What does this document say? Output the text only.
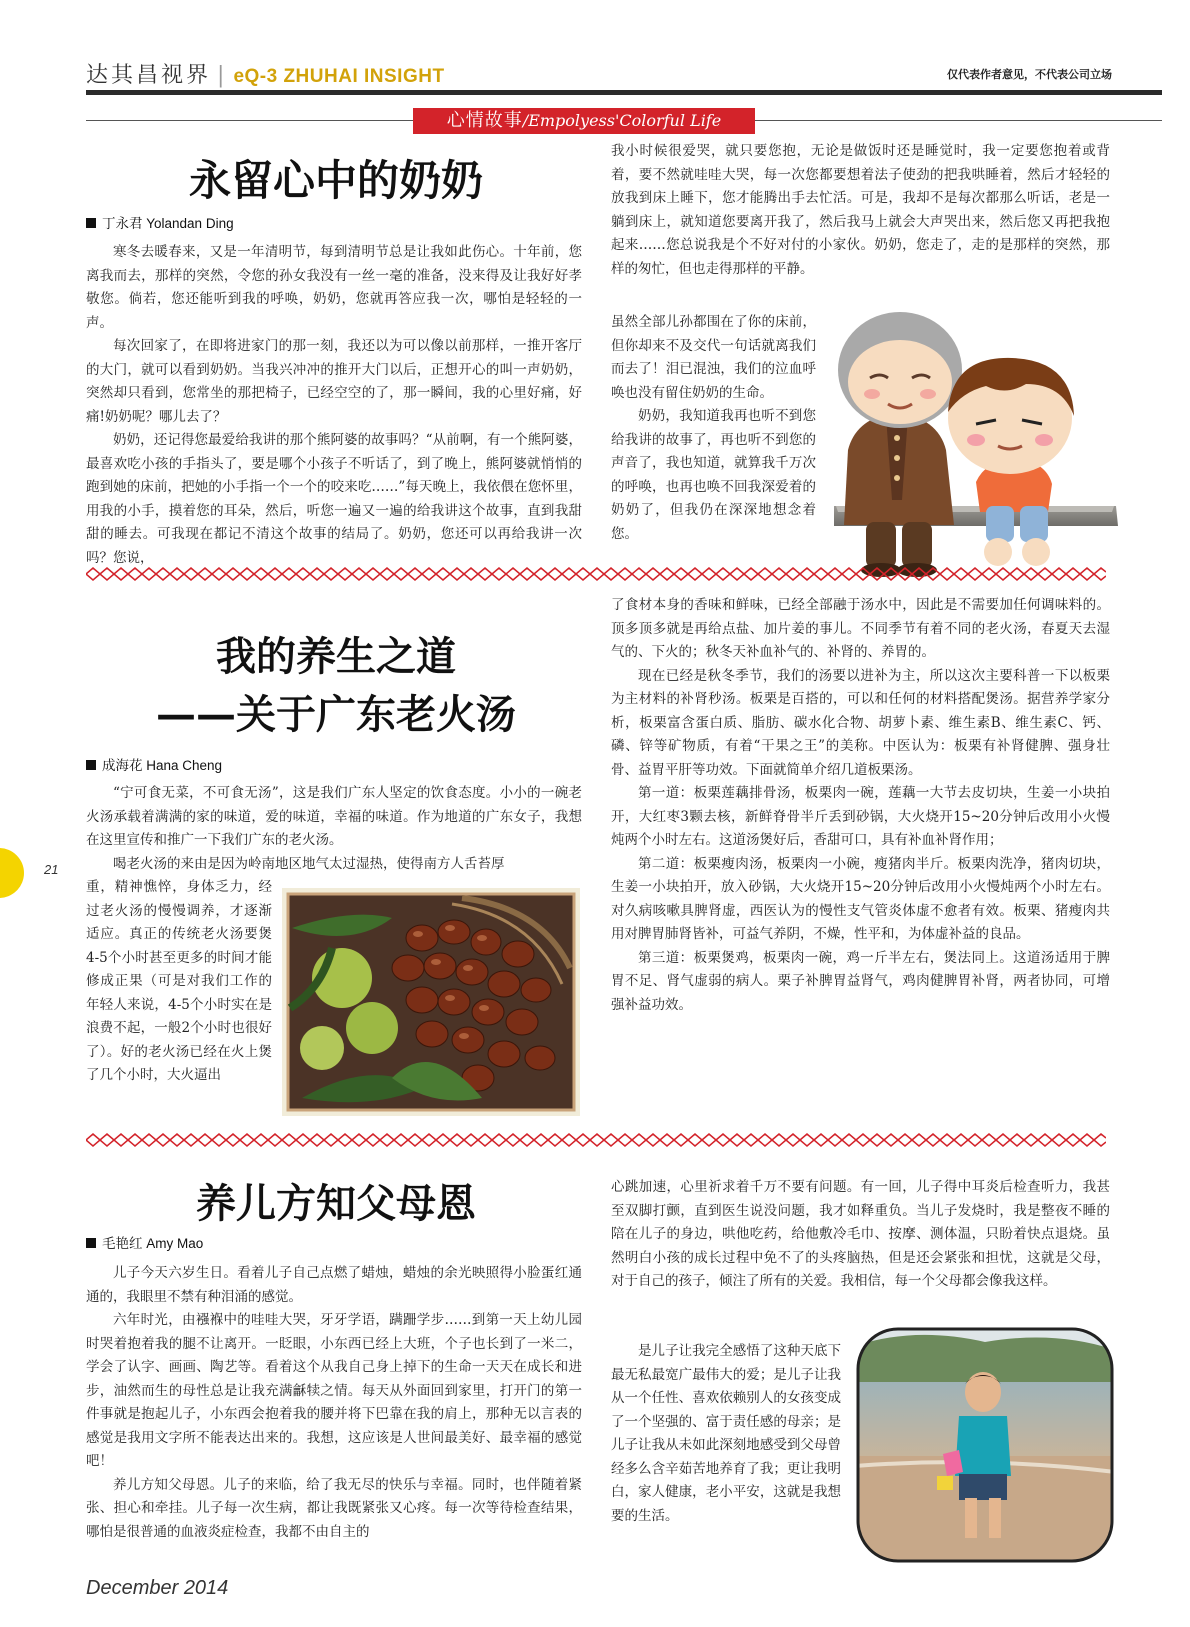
达其昌视界 | eQ-3 ZHUHAI INSIGHT	仅代表作者意见，不代表公司立场
心情故事/Empolyess'Colorful Life
永留心中的奶奶
丁永君 Yolandan Ding

寒冬去暖春来，又是一年清明节，每到清明节总是让我如此伤心。十年前，您离我而去，那样的突然，令您的孙女我没有一丝一毫的准备，没来得及让我好好孝敬您。倘若，您还能听到我的呼唤，奶奶，您就再答应我一次，哪怕是轻轻的一声。

每次回家了，在即将进家门的那一刻，我还以为可以像以前那样，一推开客厅的大门，就可以看到奶奶。当我兴冲冲的推开大门以后，正想开心的叫一声奶奶，突然却只看到，您常坐的那把椅子，已经空空的了，那一瞬间，我的心里好痛，好痛!奶奶呢？哪儿去了？

奶奶，还记得您最爱给我讲的那个熊阿婆的故事吗？“从前啊，有一个熊阿婆，最喜欢吃小孩的手指头了，要是哪个小孩子不听话了，到了晚上，熊阿婆就悄悄的跑到她的床前，把她的小手指一个一个的咬来吃……”每天晚上，我依偎在您怀里，用我的小手，摸着您的耳朵，然后，听您一遍又一遍的给我讲这个故事，直到我甜甜的睡去。可我现在都记不清这个故事的结局了。奶奶，您还可以再给我讲一次吗？您说，

我小时候很爱哭，就只要您抱，无论是做饭时还是睡觉时，我一定要您抱着或背着，要不然就哇哇大哭，每一次您都要想着法子使劲的把我哄睡着，然后才轻轻的放我到床上睡下，您才能腾出手去忙活。可是，我却不是每次都那么听话，老是一躺到床上，就知道您要离开我了，然后我马上就会大声哭出来，然后您又再把我抱起来……您总说我是个不好对付的小家伙。奶奶，您走了，走的是那样的突然，那样的匆忙，但也走得那样的平静。

虽然全部儿孙都围在了你的床前，但你却来不及交代一句话就离我们而去了！泪已混浊，我们的泣血呼唤也没有留住奶奶的生命。

奶奶，我知道我再也听不到您给我讲的故事了，再也听不到您的声音了，我也知道，就算我千万次的呼唤，也再也唤不回我深爱着的奶奶了，但我仍在深深地想念着您。

我的养生之道
——关于广东老火汤
成海花 Hana Cheng

“宁可食无菜，不可食无汤”，这是我们广东人坚定的饮食态度。小小的一碗老火汤承载着满满的家的味道，爱的味道，幸福的味道。作为地道的广东女子，我想在这里宣传和推广一下我们广东的老火汤。

喝老火汤的来由是因为岭南地区地气太过湿热，使得南方人舌苔厚

重，精神憔悴，身体乏力，经过老火汤的慢慢调养，才逐渐适应。真正的传统老火汤要煲4-5个小时甚至更多的时间才能修成正果（可是对我们工作的年轻人来说，4-5个小时实在是浪费不起，一般2个小时也很好了）。好的老火汤已经在火上煲了几个小时，大火逼出

了食材本身的香味和鲜味，已经全部融于汤水中，因此是不需要加任何调味料的。顶多顶多就是再给点盐、加片姜的事儿。不同季节有着不同的老火汤，春夏天去湿气的、下火的；秋冬天补血补气的、补肾的、养胃的。

现在已经是秋冬季节，我们的汤要以进补为主，所以这次主要科普一下以板栗为主材料的补肾秒汤。板栗是百搭的，可以和任何的材料搭配煲汤。据营养学家分析，板栗富含蛋白质、脂肪、碳水化合物、胡萝卜素、维生素B、维生素C、钙、磷、锌等矿物质，有着“干果之王”的美称。中医认为：板栗有补肾健脾、强身壮骨、益胃平肝等功效。下面就简单介绍几道板栗汤。

第一道：板栗莲藕排骨汤，板栗肉一碗，莲藕一大节去皮切块，生姜一小块拍开，大红枣3颗去核，新鲜脊骨半斤丢到砂锅，大火烧开15~20分钟后改用小火慢炖两个小时左右。这道汤煲好后，香甜可口，具有补血补肾作用；

第二道：板栗瘦肉汤，板栗肉一小碗，瘦猪肉半斤。板栗肉洗净，猪肉切块，生姜一小块拍开，放入砂锅，大火烧开15~20分钟后改用小火慢炖两个小时左右。对久病咳嗽具脾肾虚，西医认为的慢性支气管炎体虚不愈者有效。板栗、猪瘦肉共用对脾胃肺肾皆补，可益气养阴，不燥，性平和，为体虚补益的良品。

第三道：板栗煲鸡，板栗肉一碗，鸡一斤半左右，煲法同上。这道汤适用于脾胃不足、肾气虚弱的病人。栗子补脾胃益肾气，鸡肉健脾胃补肾，两者协同，可增强补益功效。

养儿方知父母恩
毛艳红 Amy Mao

儿子今天六岁生日。看着儿子自己点燃了蜡烛，蜡烛的余光映照得小脸蛋红通通的，我眼里不禁有种泪涌的感觉。

六年时光，由襁褓中的哇哇大哭，牙牙学语，蹒跚学步……到第一天上幼儿园时哭着抱着我的腿不让离开。一眨眼，小东西已经上大班，个子也长到了一米二，学会了认字、画画、陶艺等。看着这个从我自己身上掉下的生命一天天在成长和进步，油然而生的母性总是让我充满龢犊之情。每天从外面回到家里，打开门的第一件事就是抱起儿子，小东西会抱着我的腰并将下巴靠在我的肩上，那种无以言表的感觉是我用文字所不能表达出来的。我想，这应该是人世间最美好、最幸福的感觉吧！

养儿方知父母恩。儿子的来临，给了我无尽的快乐与幸福。同时，也伴随着紧张、担心和牵挂。儿子每一次生病，都让我既紧张又心疼。每一次等待检查结果，哪怕是很普通的血液炎症检查，我都不由自主的

心跳加速，心里祈求着千万不要有问题。有一回，儿子得中耳炎后检查听力，我甚至双脚打颤，直到医生说没问题，我才如释重负。当儿子发烧时，我是整夜不睡的陪在儿子的身边，哄他吃药，给他敷冷毛巾、按摩、测体温，只盼着快点退烧。虽然明白小孩的成长过程中免不了的头疼脑热，但是还会紧张和担忧，这就是父母，对于自己的孩子，倾注了所有的关爱。我相信，每一个父母都会像我这样。

是儿子让我完全感悟了这种天底下最无私最宽广最伟大的爱；是儿子让我从一个任性、喜欢依赖别人的女孩变成了一个坚强的、富于责任感的母亲；是儿子让我从未如此深刻地感受到父母曾经多么含辛茹苦地养育了我；更让我明白，家人健康，老小平安，这就是我想要的生活。

21
December 2014
